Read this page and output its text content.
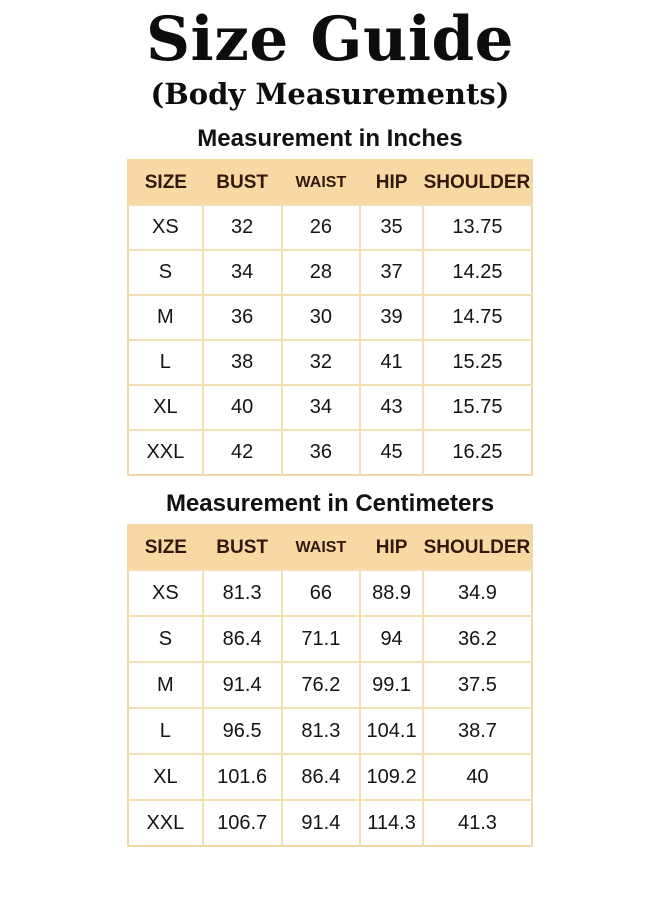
Size Guide
(Body Measurements)
Measurement in Inches
SIZE	BUST	WAIST	HIP	SHOULDER
XS	32	26	35	13.75
S	34	28	37	14.25
M	36	30	39	14.75
L	38	32	41	15.25
XL	40	34	43	15.75
XXL	42	36	45	16.25
Measurement in Centimeters
SIZE	BUST	WAIST	HIP	SHOULDER
XS	81.3	66	88.9	34.9
S	86.4	71.1	94	36.2
M	91.4	76.2	99.1	37.5
L	96.5	81.3	104.1	38.7
XL	101.6	86.4	109.2	40
XXL	106.7	91.4	114.3	41.3
